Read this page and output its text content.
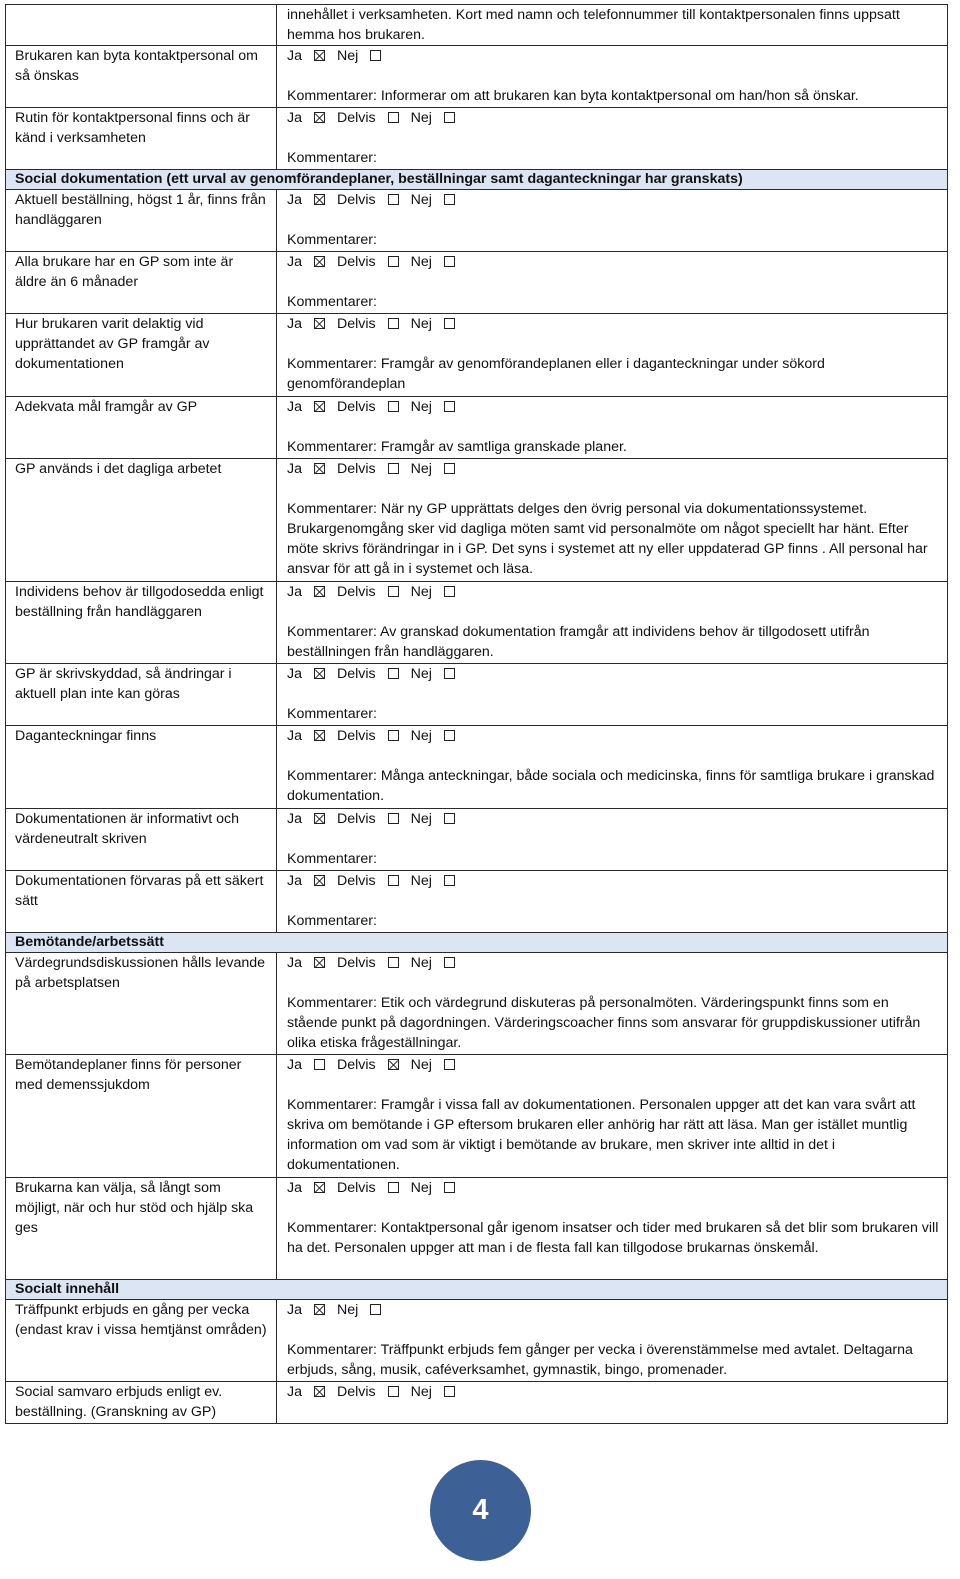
	innehållet i verksamheten. Kort med namn och telefonnummer till kontaktpersonalen finns uppsatt hemma hos brukaren.

Brukaren kan byta kontaktpersonal om så önskas	Ja Nej
Kommentarer: Informerar om att brukaren kan byta kontaktpersonal om han/hon så önskar.

Rutin för kontaktpersonal finns och är känd i verksamheten	Ja Delvis Nej
Kommentarer:

Social dokumentation (ett urval av genomförandeplaner, beställningar samt daganteckningar har granskats)	
Aktuell beställning, högst 1 år, finns från handläggaren	Ja Delvis Nej
Kommentarer:

Alla brukare har en GP som inte är äldre än 6 månader	Ja Delvis Nej
Kommentarer:

Hur brukaren varit delaktig vid upprättandet av GP framgår av dokumentationen	Ja Delvis Nej
Kommentarer: Framgår av genomförandeplanen eller i daganteckningar under sökord genomförandeplan

Adekvata mål framgår av GP	Ja Delvis Nej
Kommentarer: Framgår av samtliga granskade planer.

GP används i det dagliga arbetet	Ja Delvis Nej
Kommentarer: När ny GP upprättats delges den övrig personal via dokumentationssystemet. Brukargenomgång sker vid dagliga möten samt vid personalmöte om något speciellt har hänt. Efter möte skrivs förändringar in i GP. Det syns i systemet att ny eller uppdaterad GP finns . All personal har ansvar för att gå in i systemet och läsa.

Individens behov är tillgodosedda enligt beställning från handläggaren	Ja Delvis Nej
Kommentarer: Av granskad dokumentation framgår att individens behov är tillgodosett utifrån beställningen från handläggaren.

GP är skrivskyddad, så ändringar i aktuell plan inte kan göras	Ja Delvis Nej
Kommentarer:

Daganteckningar finns	Ja Delvis Nej
Kommentarer: Många anteckningar, både sociala och medicinska, finns för samtliga brukare i granskad dokumentation.

Dokumentationen är informativt och värdeneutralt skriven	Ja Delvis Nej
Kommentarer:

Dokumentationen förvaras på ett säkert sätt	Ja Delvis Nej
Kommentarer:

Bemötande/arbetssätt	
Värdegrundsdiskussionen hålls levande på arbetsplatsen	Ja Delvis Nej
Kommentarer: Etik och värdegrund diskuteras på personalmöten. Värderingspunkt finns som en stående punkt på dagordningen. Värderingscoacher finns som ansvarar för gruppdiskussioner utifrån olika etiska frågeställningar.

Bemötandeplaner finns för personer med demenssjukdom	Ja Delvis Nej
Kommentarer: Framgår i vissa fall av dokumentationen. Personalen uppger att det kan vara svårt att skriva om bemötande i GP eftersom brukaren eller anhörig har rätt att läsa. Man ger istället muntlig information om vad som är viktigt i bemötande av brukare, men skriver inte alltid in det i dokumentationen.

Brukarna kan välja, så långt som möjligt, när och hur stöd och hjälp ska ges	Ja Delvis Nej
Kommentarer: Kontaktpersonal går igenom insatser och tider med brukaren så det blir som brukaren vill ha det. Personalen uppger att man i de flesta fall kan tillgodose brukarnas önskemål.

Socialt innehåll	
Träffpunkt erbjuds en gång per vecka (endast krav i vissa hemtjänst områden)	Ja Nej
Kommentarer: Träffpunkt erbjuds fem gånger per vecka i överenstämmelse med avtalet. Deltagarna erbjuds, sång, musik, caféverksamhet, gymnastik, bingo, promenader.

Social samvaro erbjuds enligt ev. beställning. (Granskning av GP)	Ja Delvis Nej
4
